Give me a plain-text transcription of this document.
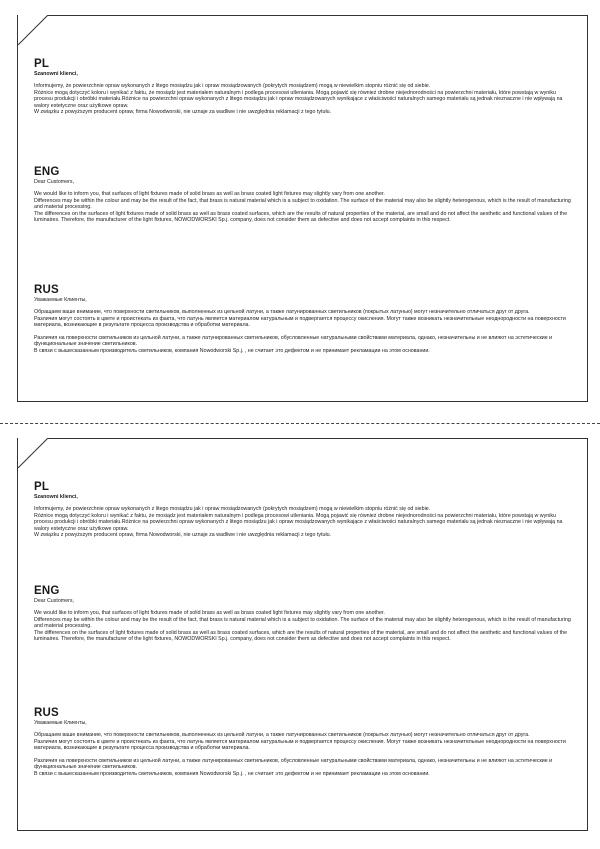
PL

Szanowni klienci,

Informujemy, że powierzchnie opraw wykonanych z litego mosiądzu jak i opraw mosiądzowanych (pokrytych mosiądzem) mogą w niewielkim stopniu różnić się od siebie.
Różnice mogą dotyczyć koloru i wynikać z faktu, że mosiądz jest materiałem naturalnym i podlega procesowi utleniania. Mogą pojawić się również drobne niejednorodności na powierzchni materiału, które powstają w wyniku procesu produkcji i obróbki materiału.Różnice na powierzchni opraw wykonanych z litego mosiądzu jak i opraw mosiądzowanych wynikające z właściwości naturalnych samego materiału są jednak nieznaczne i nie wpływają na walory estetyczne oraz użytkowe opraw.
W związku z powyższym producent opraw, firma Nowodworski, nie uznaje za wadliwe i nie uwzględnia reklamacji z tego tytułu.

ENG

Dear Customers,

We would like to inform you, that surfaces of light fixtures made of solid brass as well as brass coated light fixtures may slightly vary from one another.
Differences may be within the colour and may be the result of the fact, that brass is natural material which is a subject to oxidation. The surface of the material may also be slightly heterogenous, which is the result of manufacturing and material processing.
The differences on the surfaces of light fixtures made of solid brass as well as brass coated surfaces, which are the results of natural properties of the material, are small and do not affect the aesthetic and functional values of the luminaires. Therefore, the manufacturer of the light fixtures, NOWODWORSKI Sp.j. company, does not consider them as defective and does not accept complaints in this respect.

RUS

Уважаемые Клиенты,

Обращаем ваше внимание, что поверхности светильников, выполненных из цельной латуни, а также латунированных светильников (покрытых латунью) могут незначительно отличаться друг от друга.
Различия могут состоять в цвете и проистекать из факта, что латунь является материалом натуральным и подвергается процессу окисления. Могут также возникать незначительные неоднородности на поверхности материала, возникающие в результате процесса производства и обработки материала.

Различия на поверхности светильников из цельной латуни, а также латунированных светильников, обусловленные натуральными свойствами материала, однако, незначительны и не влияют на эстетические и функциональные значение светильников.
В связи с вышесказанным производитель светильников, компания Nowodworski Sp.j. , не считает это дефектом и не принимает рекламации на этом основании.

PL

Szanowni klienci,

Informujemy, że powierzchnie opraw wykonanych z litego mosiądzu jak i opraw mosiądzowanych (pokrytych mosiądzem) mogą w niewielkim stopniu różnić się od siebie.
Różnice mogą dotyczyć koloru i wynikać z faktu, że mosiądz jest materiałem naturalnym i podlega procesowi utleniania. Mogą pojawić się również drobne niejednorodności na powierzchni materiału, które powstają w wyniku procesu produkcji i obróbki materiału.Różnice na powierzchni opraw wykonanych z litego mosiądzu jak i opraw mosiądzowanych wynikające z właściwości naturalnych samego materiału są jednak nieznaczne i nie wpływają na walory estetyczne oraz użytkowe opraw.
W związku z powyższym producent opraw, firma Nowodworski, nie uznaje za wadliwe i nie uwzględnia reklamacji z tego tytułu.

ENG

Dear Customers,

We would like to inform you, that surfaces of light fixtures made of solid brass as well as brass coated light fixtures may slightly vary from one another.
Differences may be within the colour and may be the result of the fact, that brass is natural material which is a subject to oxidation. The surface of the material may also be slightly heterogenous, which is the result of manufacturing and material processing.
The differences on the surfaces of light fixtures made of solid brass as well as brass coated surfaces, which are the results of natural properties of the material, are small and do not affect the aesthetic and functional values of the luminaires. Therefore, the manufacturer of the light fixtures, NOWODWORSKI Sp.j. company, does not consider them as defective and does not accept complaints in this respect.

RUS

Уважаемые Клиенты,

Обращаем ваше внимание, что поверхности светильников, выполненных из цельной латуни, а также латунированных светильников (покрытых латунью) могут незначительно отличаться друг от друга.
Различия могут состоять в цвете и проистекать из факта, что латунь является материалом натуральным и подвергается процессу окисления. Могут также возникать незначительные неоднородности на поверхности материала, возникающие в результате процесса производства и обработки материала.

Различия на поверхности светильников из цельной латуни, а также латунированных светильников, обусловленные натуральными свойствами материала, однако, незначительны и не влияют на эстетические и функциональные значение светильников.
В связи с вышесказанным производитель светильников, компания Nowodworski Sp.j. , не считает это дефектом и не принимает рекламации на этом основании.
